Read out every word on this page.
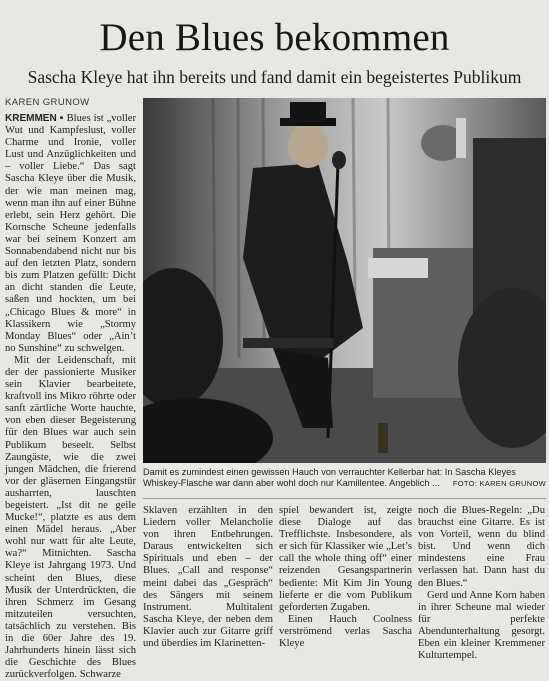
Den Blues bekommen
Sascha Kleye hat ihn bereits und fand damit ein begeistertes Publikum
KAREN GRUNOW

KREMMEN ▪ Blues ist „voller Wut und Kampfeslust, voller Charme und Ironie, voller Lust und Anzüglichkeiten und – voller Liebe.“ Das sagt Sascha Kleye über die Musik, der wie man meinen mag, wenn man ihn auf einer Bühne erlebt, sein Herz gehört. Die Kornsche Scheune jedenfalls war bei seinem Konzert am Sonnabendabend nicht nur bis auf den letzten Platz, sondern bis zum Platzen gefüllt: Dicht an dicht standen die Leute, saßen und hockten, um bei „Chicago Blues & more“ in Klassikern wie „Stormy Monday Blues“ oder „Ain’t no Sunshine“ zu schwelgen.

Mit der Leidenschaft, mit der der passionierte Musiker sein Klavier bearbeitete, kraftvoll ins Mikro röhrte oder sanft zärtliche Worte hauchte, von eben dieser Begeisterung für den Blues war auch sein Publikum beseelt. Selbst Zaungäste, wie die zwei jungen Mädchen, die frierend vor der gläsernen Eingangstür ausharrten, lauschten begeistert. „Ist dit ne geile Mucke!“, platzte es aus dem einen Mädel heraus. „Aber wohl nur watt für alte Leute, wa?“ Mitnichten. Sascha Kleye ist Jahrgang 1973. Und scheint den Blues, diese Musik der Unterdrückten, die ihren Schmerz im Gesang mitzuteilen versuchten, tatsächlich zu verstehen. Bis in die 60er Jahre des 19. Jahrhunderts hinein lässt sich die Geschichte des Blues zurückverfolgen. Schwarze

Damit es zumindest einen gewissen Hauch von verrauchter Kellerbar hat: In Sascha Kleyes Whiskey-Flasche war dann aber wohl doch nur Kamillentee. Angeblich ... FOTO: KAREN GRUNOW

Sklaven erzählten in den Liedern voller Melancholie von ihren Entbehrungen. Daraus entwickelten sich Spirituals und eben – der Blues. „Call and response“ meint dabei das „Gespräch“ des Sängers mit seinem Instrument. Multitalent Sascha Kleye, der neben dem Klavier auch zur Gitarre griff und überdies im Klarinetten-

spiel bewandert ist, zeigte diese Dialoge auf das Trefflichste. Insbesondere, als er sich für Klassiker wie „Let’s call the whole thing off“ einer reizenden Gesangspartnerin bediente: Mit Kim Jin Young lieferte er die vom Publikum geforderten Zugaben.

Einen Hauch Coolness verströmend verlas Sascha Kleye

noch die Blues-Regeln: „Du brauchst eine Gitarre. Es ist von Vorteil, wenn du blind bist. Und wenn dich mindestens eine Frau verlassen hat. Dann hast du den Blues.“

Gerd und Anne Korn haben in ihrer Scheune mal wieder für perfekte Abendunterhaltung gesorgt. Eben ein kleiner Kremmener Kulturtempel.
